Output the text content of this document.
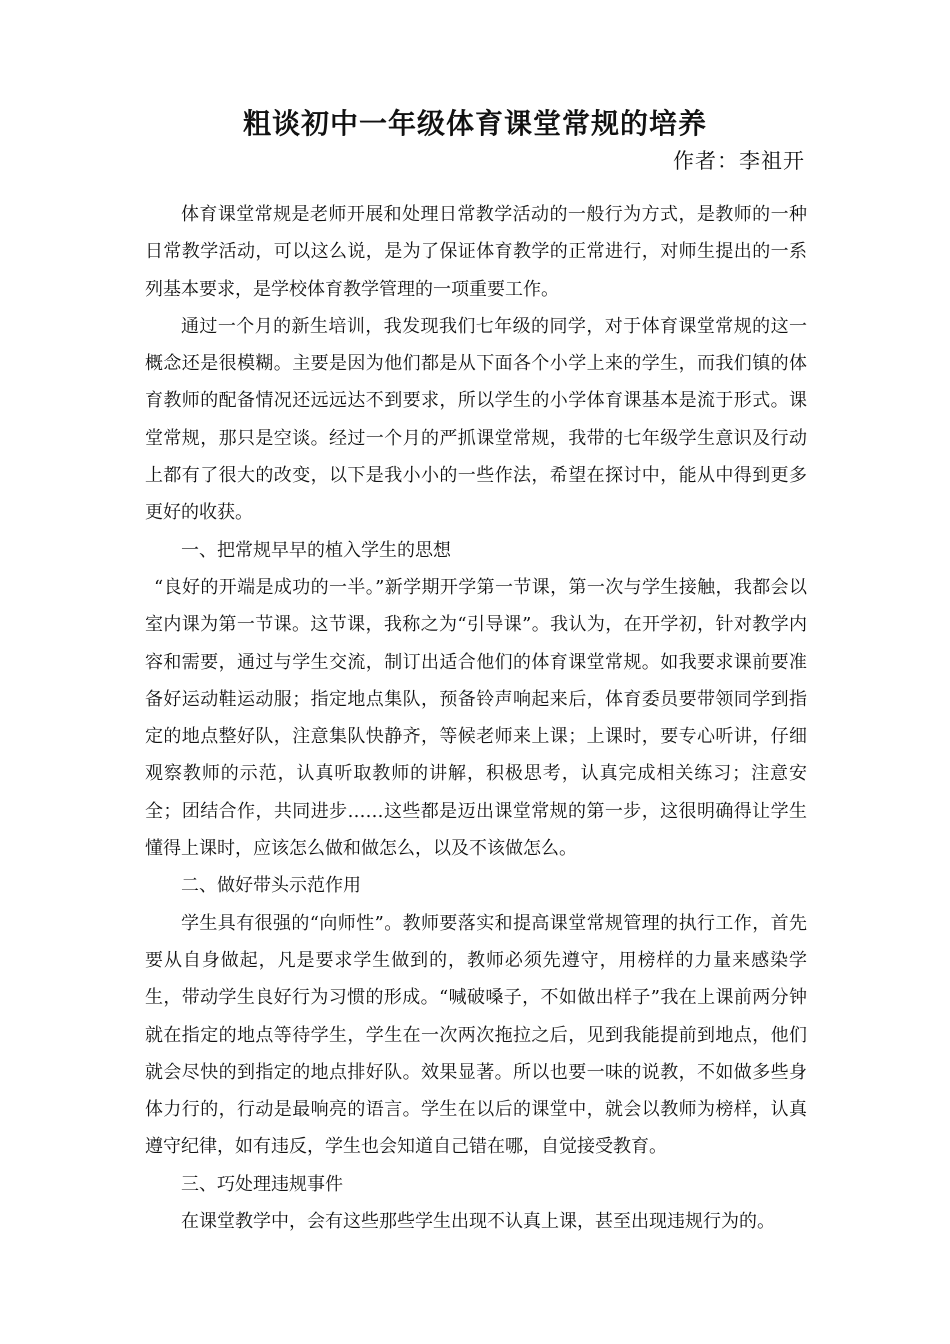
粗谈初中一年级体育课堂常规的培养
作者：李祖开

体育课堂常规是老师开展和处理日常教学活动的一般行为方式，是教师的一种日常教学活动，可以这么说，是为了保证体育教学的正常进行，对师生提出的一系列基本要求，是学校体育教学管理的一项重要工作。

通过一个月的新生培训，我发现我们七年级的同学，对于体育课堂常规的这一概念还是很模糊。主要是因为他们都是从下面各个小学上来的学生，而我们镇的体育教师的配备情况还远远达不到要求，所以学生的小学体育课基本是流于形式。课堂常规，那只是空谈。经过一个月的严抓课堂常规，我带的七年级学生意识及行动上都有了很大的改变，以下是我小小的一些作法，希望在探讨中，能从中得到更多更好的收获。

一、把常规早早的植入学生的思想

“良好的开端是成功的一半。”新学期开学第一节课，第一次与学生接触，我都会以室内课为第一节课。这节课，我称之为“引导课”。我认为，在开学初，针对教学内容和需要，通过与学生交流，制订出适合他们的体育课堂常规。如我要求课前要准备好运动鞋运动服；指定地点集队，预备铃声响起来后，体育委员要带领同学到指定的地点整好队，注意集队快静齐，等候老师来上课；上课时，要专心听讲，仔细观察教师的示范，认真听取教师的讲解，积极思考，认真完成相关练习；注意安全；团结合作，共同进步……这些都是迈出课堂常规的第一步，这很明确得让学生懂得上课时，应该怎么做和做怎么，以及不该做怎么。

二、做好带头示范作用

学生具有很强的“向师性”。教师要落实和提高课堂常规管理的执行工作，首先要从自身做起，凡是要求学生做到的，教师必须先遵守，用榜样的力量来感染学生，带动学生良好行为习惯的形成。“喊破嗓子，不如做出样子”我在上课前两分钟就在指定的地点等待学生，学生在一次两次拖拉之后，见到我能提前到地点，他们就会尽快的到指定的地点排好队。效果显著。所以也要一味的说教，不如做多些身体力行的，行动是最响亮的语言。学生在以后的课堂中，就会以教师为榜样，认真遵守纪律，如有违反，学生也会知道自己错在哪，自觉接受教育。

三、巧处理违规事件

在课堂教学中，会有这些那些学生出现不认真上课，甚至出现违规行为的。
